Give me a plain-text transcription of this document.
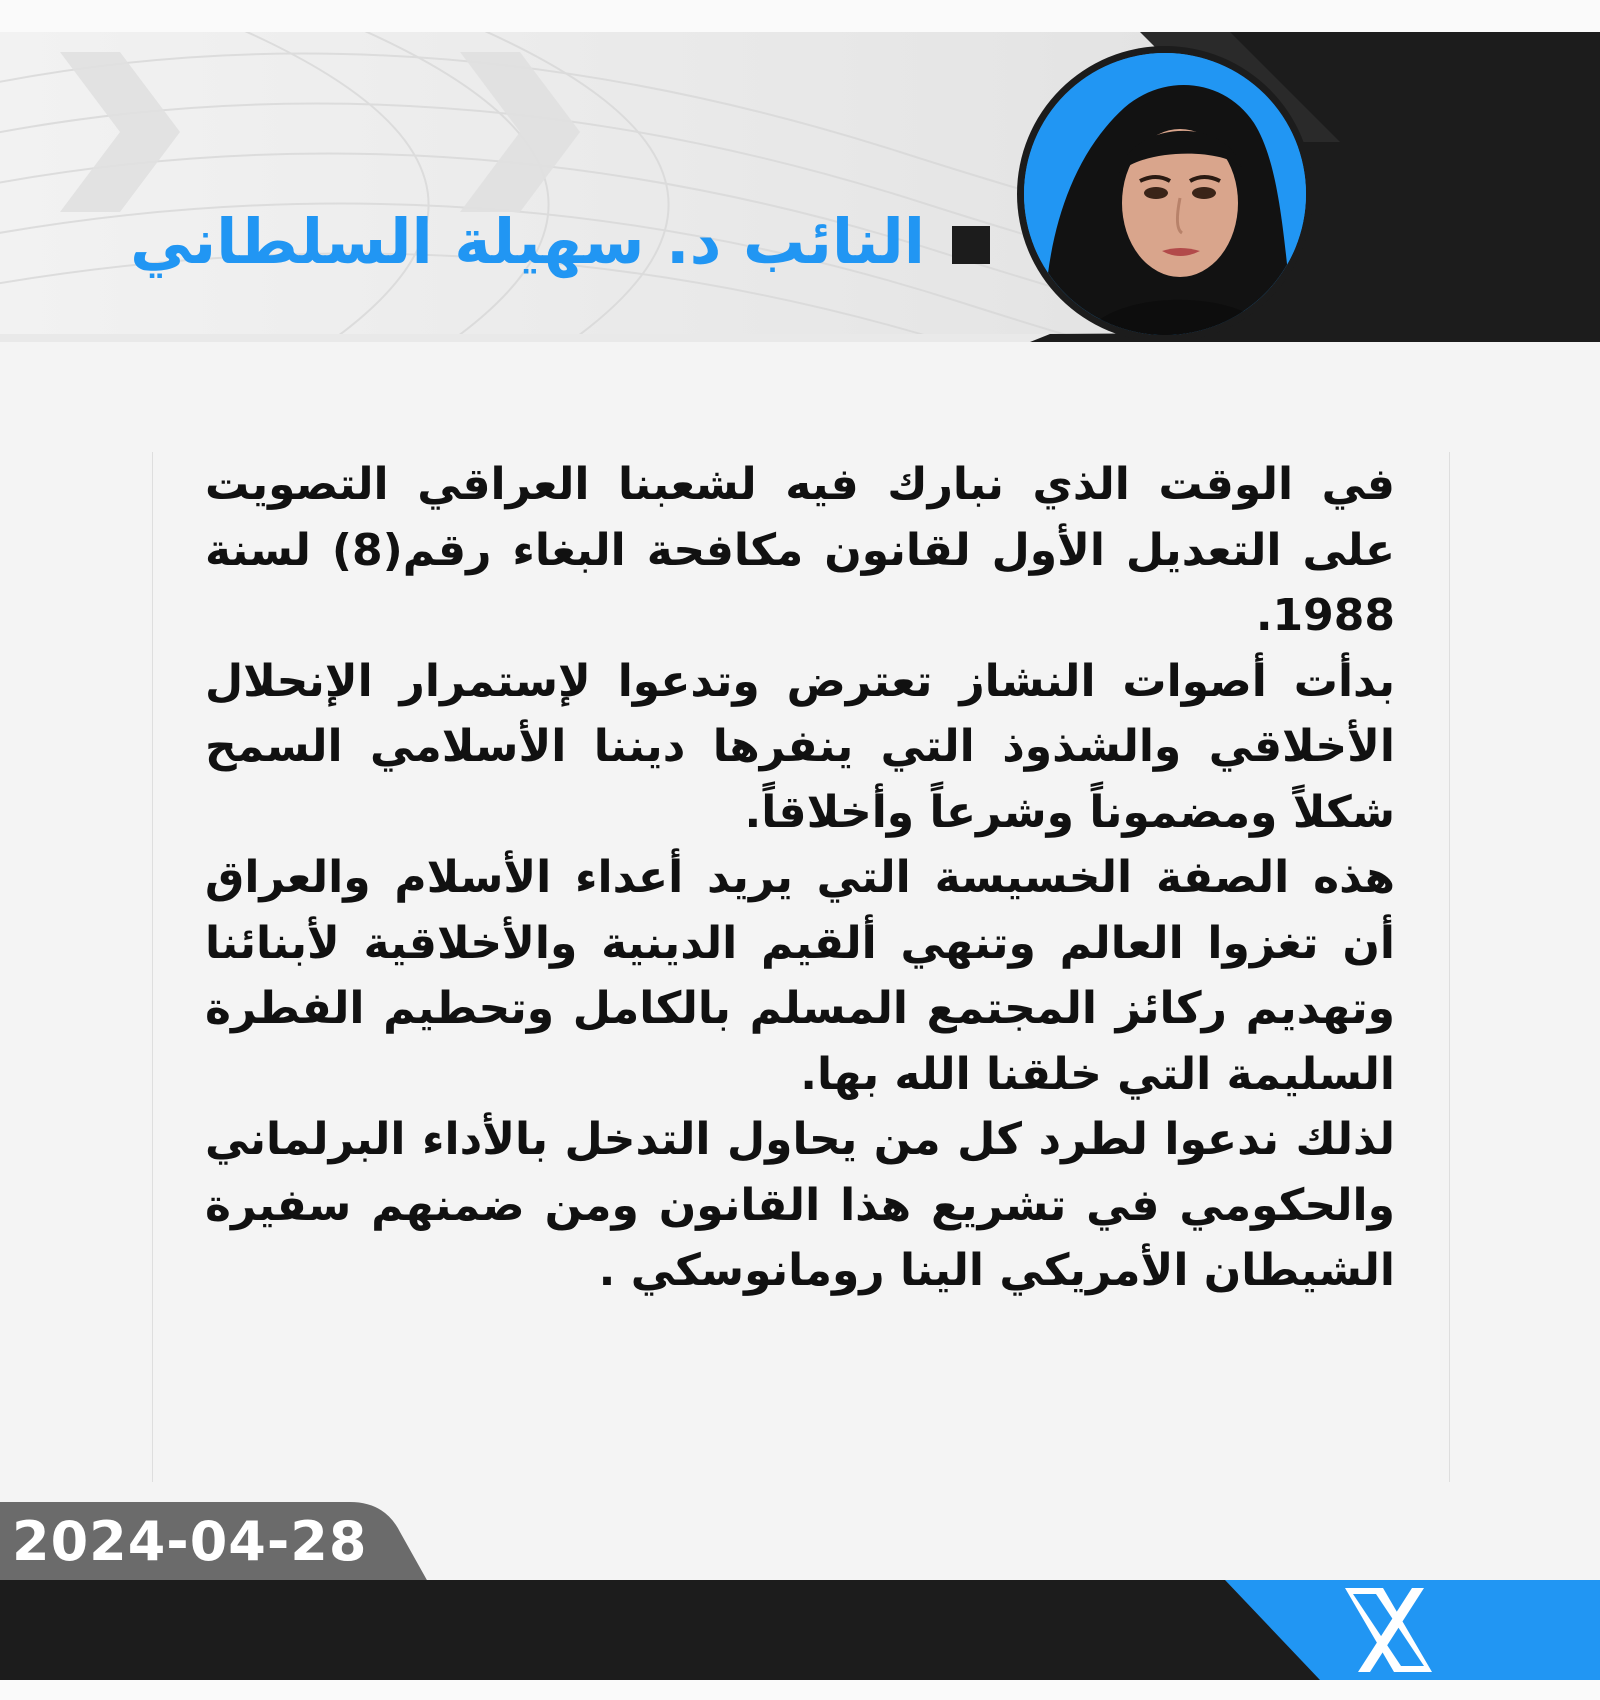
النائب د. سهيلة السلطاني

في الوقت الذي نبارك فيه لشعبنا العراقي التصويت على التعديل الأول لقانون مكافحة البغاء رقم(8) لسنة 1988.

بدأت أصوات النشاز تعترض وتدعوا لإستمرار الإنحلال الأخلاقي والشذوذ التي ينفرها ديننا الأسلامي السمح شكلاً ومضموناً وشرعاً وأخلاقاً.

هذه الصفة الخسيسة التي يريد أعداء الأسلام والعراق أن تغزوا العالم وتنهي ألقيم الدينية والأخلاقية لأبنائنا وتهديم ركائز المجتمع المسلم بالكامل وتحطيم الفطرة السليمة التي خلقنا الله بها.

لذلك ندعوا لطرد كل من يحاول التدخل بالأداء البرلماني والحكومي في تشريع هذا القانون ومن ضمنهم سفيرة الشيطان الأمريكي الينا رومانوسكي .

2024-04-28
